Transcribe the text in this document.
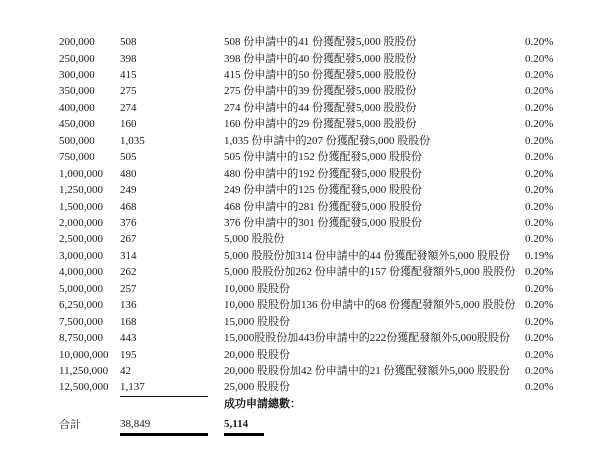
200,000 508	508 份申請中的41 份獲配發5,000 股股份	0.20%
250,000 398	398 份申請中的40 份獲配發5,000 股股份	0.20%
300,000 415	415 份申請中的50 份獲配發5,000 股股份	0.20%
350,000 275	275 份申請中的39 份獲配發5,000 股股份	0.20%
400,000 274	274 份申請中的44 份獲配發5,000 股股份	0.20%
450,000 160	160 份申請中的29 份獲配發5,000 股股份	0.20%
500,000 1,035	1,035 份申請中的207 份獲配發5,000 股股份	0.20%
750,000 505	505 份申請中的152 份獲配發5,000 股股份	0.20%
1,000,000 480	480 份申請中的192 份獲配發5,000 股股份	0.20%
1,250,000 249	249 份申請中的125 份獲配發5,000 股股份	0.20%
1,500,000 468	468 份申請中的281 份獲配發5,000 股股份	0.20%
2,000,000 376	376 份申請中的301 份獲配發5,000 股股份	0.20%
2,500,000 267	5,000 股股份	0.20%
3,000,000 314	5,000 股股份加314 份申請中的44 份獲配發額外5,000 股股份 0.19%
4,000,000 262	5,000 股股份加262 份申請中的157 份獲配發額外5,000 股股份 0.20%
5,000,000 257	10,000 股股份	0.20%
6,250,000 136	10,000 股股份加136 份申請中的68 份獲配發額外5,000 股股份 0.20%
7,500,000 168	15,000 股股份	0.20%
8,750,000 443	15,000股股份加443份申請中的222份獲配發額外5,000股股份 0.20%
10,000,000 195	20,000 股股份	0.20%
11,250,000 42	20,000 股股份加42 份申請中的21 份獲配發額外5,000 股股份 0.20%
12,500,000 1,137	25,000 股股份	0.20%
成功申請總數：
合計	38,849	5,114
